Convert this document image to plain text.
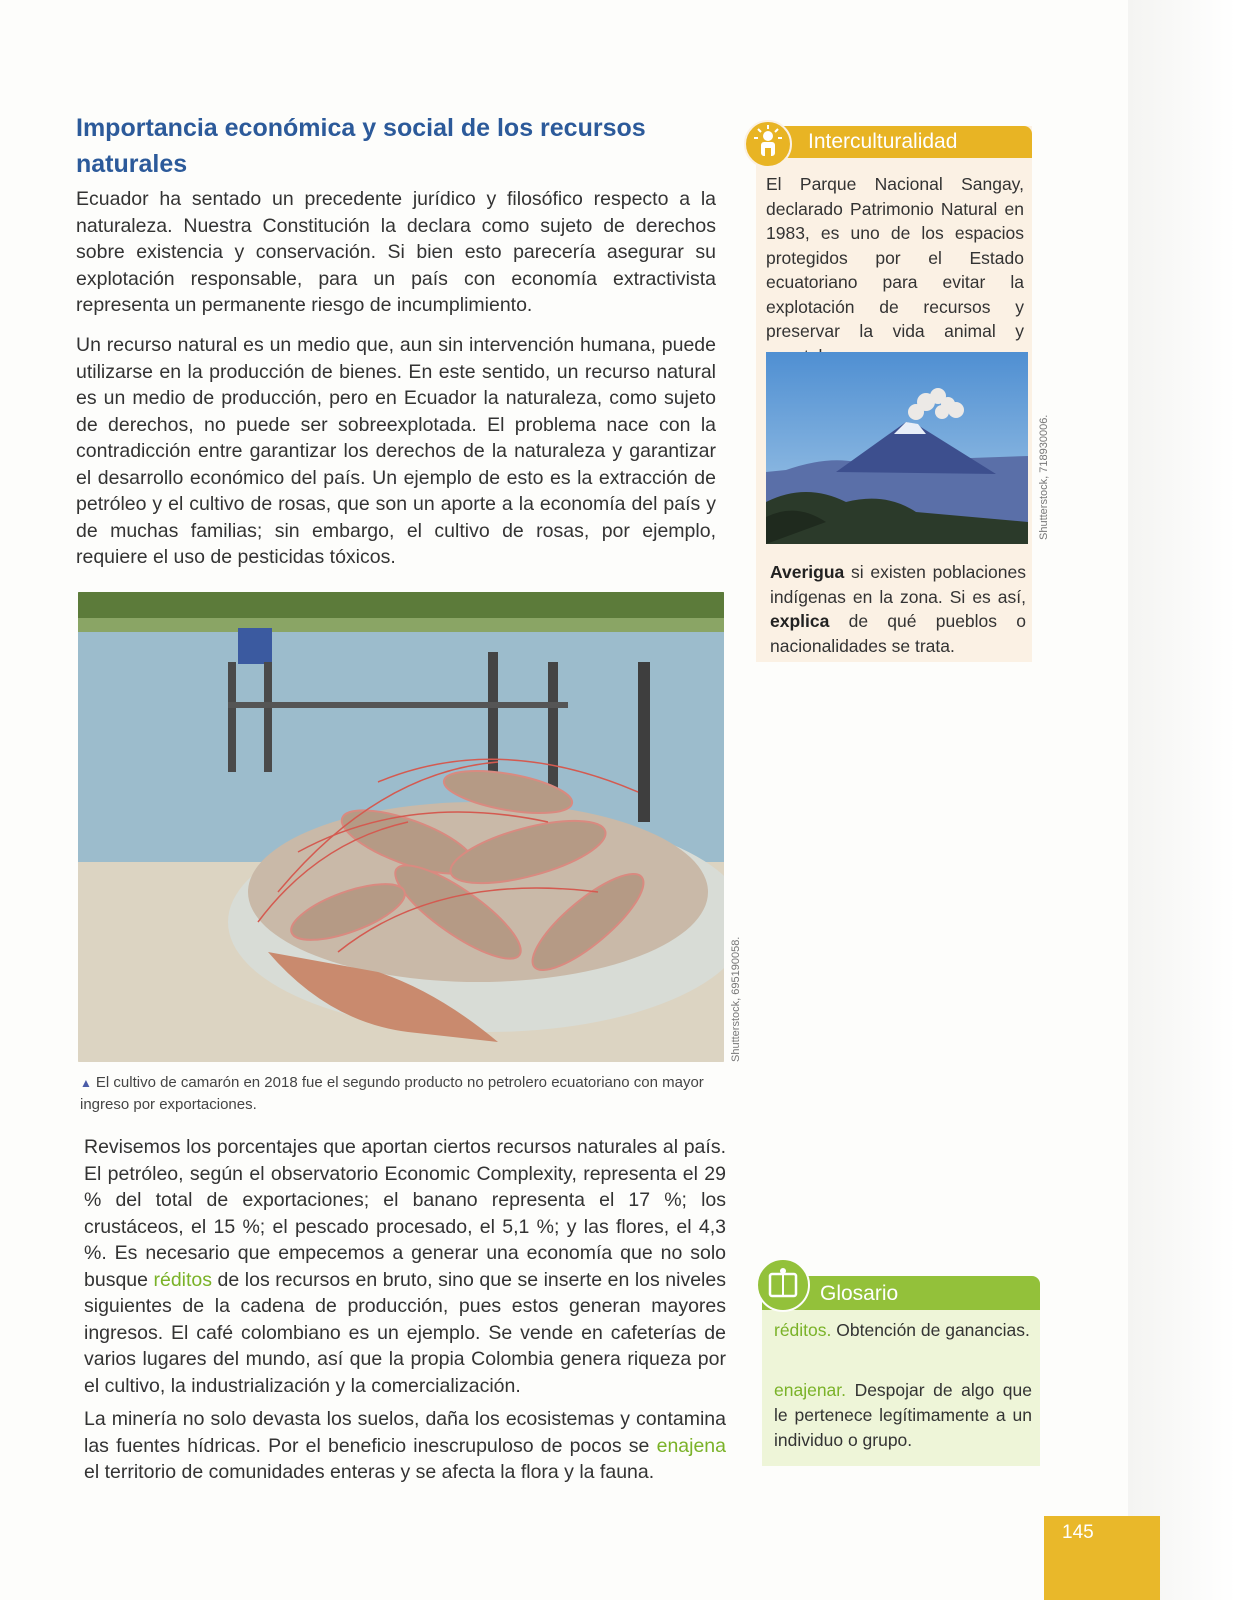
Importancia económica y social de los recursos naturales

Ecuador ha sentado un precedente jurídico y filosófico respecto a la naturaleza. Nuestra Constitución la declara como sujeto de derechos sobre existencia y conservación. Si bien esto parecería asegurar su explotación responsable, para un país con economía extractivista representa un permanente riesgo de incumplimiento.

Un recurso natural es un medio que, aun sin intervención humana, puede utilizarse en la producción de bienes. En este sentido, un recurso natural es un medio de producción, pero en Ecuador la naturaleza, como sujeto de derechos, no puede ser sobreexplotada. El problema nace con la contradicción entre garantizar los derechos de la naturaleza y garantizar el desarrollo económico del país. Un ejemplo de esto es la extracción de petróleo y el cultivo de rosas, que son un aporte a la economía del país y de muchas familias; sin embargo, el cultivo de rosas, por ejemplo, requiere el uso de pesticidas tóxicos.

Shutterstock, 695190058.

▲ El cultivo de camarón en 2018 fue el segundo producto no petrolero ecuatoriano con mayor ingreso por exportaciones.

Revisemos los porcentajes que aportan ciertos recursos naturales al país. El petróleo, según el observatorio Economic Complexity, representa el 29 % del total de exportaciones; el banano representa el 17 %; los crustáceos, el 15 %; el pescado procesado, el 5,1 %; y las flores, el 4,3 %. Es necesario que empecemos a generar una economía que no solo busque réditos de los recursos en bruto, sino que se inserte en los niveles siguientes de la cadena de producción, pues estos generan mayores ingresos. El café colombiano es un ejemplo. Se vende en cafeterías de varios lugares del mundo, así que la propia Colombia genera riqueza por el cultivo, la industrialización y la comercialización.

La minería no solo devasta los suelos, daña los ecosistemas y contamina las fuentes hídricas. Por el beneficio inescrupuloso de pocos se enajena el territorio de comunidades enteras y se afecta la flora y la fauna.

Interculturalidad

El Parque Nacional Sangay, declarado Patrimonio Natural en 1983, es uno de los espacios protegidos por el Estado ecuatoriano para evitar la explotación de recursos y preservar la vida animal y

Shutterstock, 718930006.

Averigua si existen poblaciones indígenas en la zona. Si es así, explica de qué pueblos o nacionalidades se trata.

Glosario

réditos. Obtención de ganancias.

enajenar. Despojar de algo que le pertenece legítimamente a un individuo o grupo.

145
